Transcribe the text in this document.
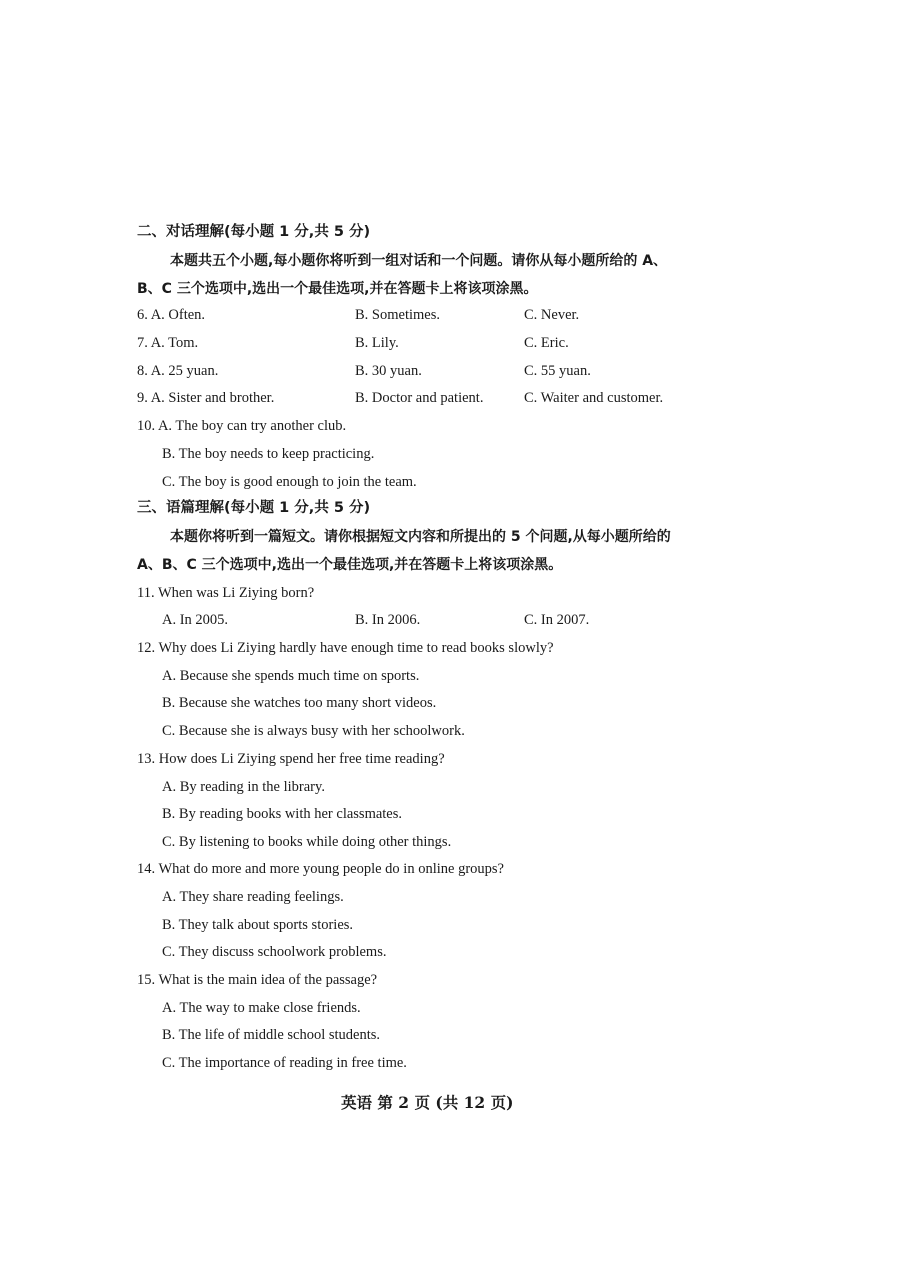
二、对话理解(每小题 1 分,共 5 分)
本题共五个小题,每小题你将听到一组对话和一个问题。请你从每小题所给的 A、
B、C 三个选项中,选出一个最佳选项,并在答题卡上将该项涂黑。
6. A. Often.	B. Sometimes.	C. Never.
7. A. Tom.	B. Lily.	C. Eric.
8. A. 25 yuan.	B. 30 yuan.	C. 55 yuan.
9. A. Sister and brother.	B. Doctor and patient.	C. Waiter and customer.
10. A. The boy can try another club.
B. The boy needs to keep practicing.
C. The boy is good enough to join the team.
三、语篇理解(每小题 1 分,共 5 分)
本题你将听到一篇短文。请你根据短文内容和所提出的 5 个问题,从每小题所给的
A、B、C 三个选项中,选出一个最佳选项,并在答题卡上将该项涂黑。
11. When was Li Ziying born?
A. In 2005.	B. In 2006.	C. In 2007.
12. Why does Li Ziying hardly have enough time to read books slowly?
A. Because she spends much time on sports.
B. Because she watches too many short videos.
C. Because she is always busy with her schoolwork.
13. How does Li Ziying spend her free time reading?
A. By reading in the library.
B. By reading books with her classmates.
C. By listening to books while doing other things.
14. What do more and more young people do in online groups?
A. They share reading feelings.
B. They talk about sports stories.
C. They discuss schoolwork problems.
15. What is the main idea of the passage?
A. The way to make close friends.
B. The life of middle school students.
C. The importance of reading in free time.
英语 第 2 页 (共 12 页)
